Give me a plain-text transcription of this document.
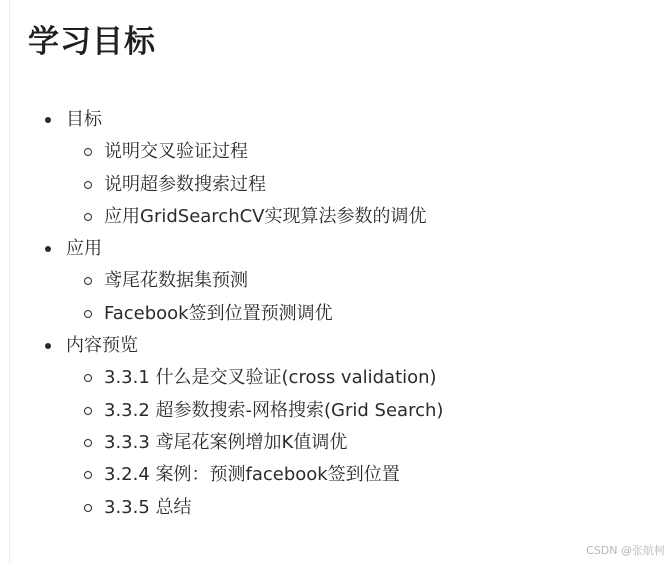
学习目标
目标
说明交叉验证过程
说明超参数搜索过程
应用GridSearchCV实现算法参数的调优
应用
鸢尾花数据集预测
Facebook签到位置预测调优
内容预览
3.3.1 什么是交叉验证(cross validation)
3.3.2 超参数搜索-网格搜索(Grid Search)
3.3.3 鸢尾花案例增加K值调优
3.2.4 案例：预测facebook签到位置
3.3.5 总结
CSDN @张航柯
